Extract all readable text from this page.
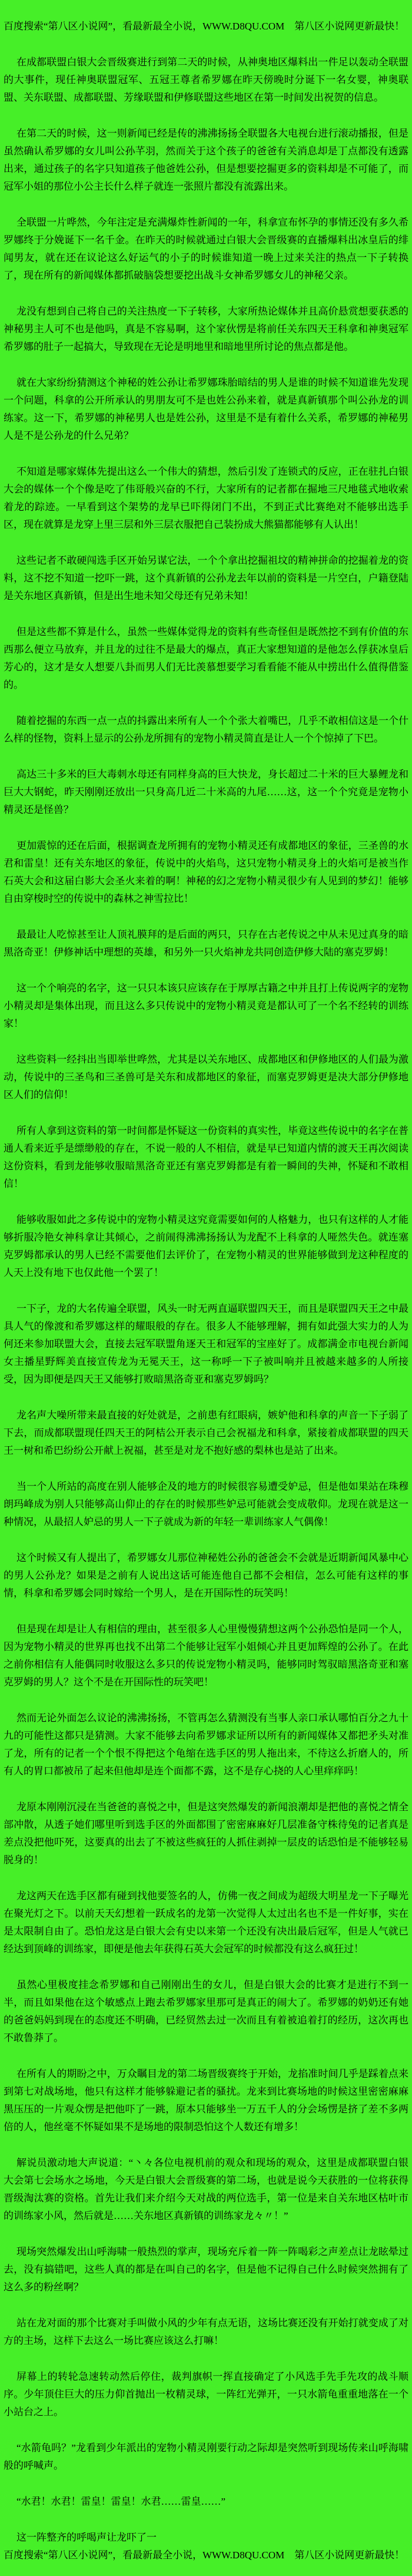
百度搜索“第八区小说网”，看最新最全小说，WWW.D8QU.COM　第八区小说网更新最快！

在成都联盟白银大会晋级赛进行到第二天的时候，从神奥地区爆料出一件足以轰动全联盟的大事件，现任神奥联盟冠军、五冠王尊者希罗娜在昨天傍晚时分诞下一名女婴，神奥联盟、关东联盟、成都联盟、芳缘联盟和伊修联盟这些地区在第一时间发出祝贺的信息。

在第二天的时候，这一则新闻已经是传的沸沸扬扬全联盟各大电视台进行滚动播报，但是虽然确认希罗娜的女儿叫公孙芊羽，然而关于这个孩子的爸爸有关消息却是丁点都没有透露出来，通过孩子的名字只知道孩子他爸姓公孙，但是想要挖掘更多的资料却是不可能了，而冠军小姐的那位小公主长什么样子就连一张照片都没有流露出来。

全联盟一片哗然，今年注定是充满爆炸性新闻的一年，科拿宣布怀孕的事情还没有多久希罗娜终于分娩诞下一名千金。在昨天的时候就通过白银大会晋级赛的直播爆料出冰皇后的绯闻男友，就在还在议论这么好运气的小子的时候谁知道一晚上过来关注的热点一下子转换了，现在所有的新闻媒体都抓破脑袋想要挖出战斗女神希罗娜女儿的神秘父亲。

龙没有想到自己将自己的关注热度一下子转移，大家所热论媒体并且高价悬赏想要获悉的神秘男主人可不也是他吗，真是不容易啊，这个家伙愣是将前任关东四天王科拿和神奥冠军希罗娜的肚子一起搞大，导致现在无论是明地里和暗地里所讨论的焦点都是他。

就在大家纷纷猜测这个神秘的姓公孙让希罗娜珠胎暗结的男人是谁的时候不知道谁先发现一个问题，科拿的公开所承认的男朋友可不是也姓公孙来着，就是真新镇那个叫公孙龙的训练家。这一下，希罗娜的神秘男人也是姓公孙，这里是不是有着什么关系，希罗娜的神秘男人是不是公孙龙的什么兄弟？

不知道是哪家媒体先提出这么一个伟大的猜想，然后引发了连锁式的反应，正在驻扎白银大会的媒体一个个像是吃了伟哥般兴奋的不行，大家所有的记者都在掘地三尺地毯式地收索着龙的踪迹。一早看到这个架势的龙早已吓得闭门不出，不到正式比赛绝对不能够出选手区，现在就算是龙穿上里三层和外三层衣服把自己装扮成大熊猫都能够有人认出！

这些记者不敢硬闯选手区开始另谋它法，一个个拿出挖掘祖坟的精神拼命的挖掘着龙的资料，这不挖不知道一挖吓一跳，这个真新镇的公孙龙去年以前的资料是一片空白，户籍登陆是关东地区真新镇，但是出生地未知父母还有兄弟未知！

但是这些都不算是什么，虽然一些媒体觉得龙的资料有些奇怪但是既然挖不到有价值的东西那么便立马放弃，并且龙的过往不是最大的爆点，真正大家想知道的是他怎么俘获冰皇后芳心的，这才是女人想要八卦而男人们无比羡慕想要学习看看能不能从中捞出什么值得借鉴的。

随着挖掘的东西一点一点的抖露出来所有人一个个张大着嘴巴，几乎不敢相信这是一个什么样的怪物，资料上显示的公孙龙所拥有的宠物小精灵简直是让人一个个惊掉了下巴。

高达三十多米的巨大毒刺水母还有同样身高的巨大快龙，身长超过二十米的巨大暴鲤龙和巨大大钢蛇，昨天刚刚还放出一只身高几近二十米高的九尾……这，这一个个究竟是宠物小精灵还是怪兽？

更加震惊的还在后面，根据调查龙所拥有的宠物小精灵还有成都地区的象征，三圣兽的水君和雷皇！还有关东地区的象征，传说中的火焰鸟，这只宠物小精灵身上的火焰可是被当作石英大会和这届白影大会圣火来着的啊！神秘的幻之宠物小精灵很少有人见到的梦幻！能够自由穿梭时空的传说中的森林之神雪拉比！

最最让人吃惊甚至让人顶礼膜拜的是后面的两只，只存在古老传说之中从未见过真身的暗黑洛奇亚！伊修神话中理想的英雄，和另外一只火焰神龙共同创造伊修大陆的塞克罗姆！

这一个个响亮的名字，这一只只本该只应该存在于厚厚古籍之中并且打上传说两字的宠物小精灵却是集体出现，而且这么多只传说中的宠物小精灵竟是都认可了一个名不经转的训练家！

这些资料一经抖出当即举世哗然，尤其是以关东地区、成都地区和伊修地区的人们最为激动，传说中的三圣鸟和三圣兽可是关东和成都地区的象征，而塞克罗姆更是决大部分伊修地区人们的信仰！

所有人拿到这资料的第一时间都是怀疑这一份资料的真实性，毕竟这些传说中的名字在普通人看来近乎是缥缈般的存在，不说一般的人不相信，就是早已知道内情的渡天王再次阅读这份资料，看到龙能够收服暗黑洛奇亚还有塞克罗姆都是有着一瞬间的失神，怀疑和不敢相信！

能够收服如此之多传说中的宠物小精灵这究竟需要如何的人格魅力，也只有这样的人才能够折服冷艳女神科拿让其倾心，之前闹得沸沸扬扬认为龙配不上科拿的人哑然失色。就连塞克罗姆都承认的男人已经不需要他们去评价了，在宠物小精灵的世界能够做到龙这种程度的人天上没有地下也仅此他一个罢了！

一下子，龙的大名传遍全联盟，风头一时无两直逼联盟四天王，而且是联盟四天王之中最具人气的像渡和希罗娜这样的耀眼般的存在。很多人不能够理解，拥有如此强大实力的人为何还来参加联盟大会，直接去冠军联盟角逐天王和冠军的宝座好了。成都满金市电视台新闻女主播星野辉美直接宣传龙为无冕天王，这一称呼一下子被叫响并且被越来越多的人所接受，因为即便是四天王又能够打败暗黑洛奇亚和塞克罗姆吗？

龙名声大噪所带来最直接的好处就是，之前患有红眼病，嫉妒他和科拿的声音一下子弱了下去，而成都联盟现任四天王的阿桔公开表示自己会祝福龙和科拿，紧接着成都联盟的四天王一树和希巴纷纷公开献上祝福，甚至是对龙不抱好感的梨林也是站了出来。

当一个人所站的高度在别人能够企及的地方的时候很容易遭受妒忌，但是他如果站在珠穆朗玛峰成为别人只能够高山仰止的存在的时候那些妒忌可能就会变成敬仰。龙现在就是这一种情况，从最招人妒忌的男人一下子就成为新的年轻一辈训练家人气偶像！

这个时候又有人提出了，希罗娜女儿那位神秘姓公孙的爸爸会不会就是近期新闻风暴中心的男人公孙龙？如果是之前有人说出这话可能连他自己都不会相信，怎么可能有这样的事情，科拿和希罗娜会同时嫁给一个男人，是在开国际性的玩笑吗！

但是现在却是让人有相信的理由，甚至很多人心里慢慢猜想这两个公孙恐怕是同一个人，因为宠物小精灵的世界再也找不出第二个能够让冠军小姐倾心并且更加辉煌的公孙了。在此之前你相信有人能偶同时收服这么多只的传说宠物小精灵吗，能够同时驾驭暗黑洛奇亚和塞克罗姆的男人？这个不是在开国际性的玩笑吧！

然而无论外面怎么议论的沸沸扬扬，不管再怎么猜测没有当事人亲口承认哪怕百分之九十九的可能性这都只是猜测。大家不能够去向希罗娜求证所以所有的新闻媒体又都把矛头对准了龙，所有的记者一个个恨不得把这个龟缩在选手区的男人拖出来，不待这么折磨人的，所有人的胃口都被吊了起来但他却是连个面都不露，这不是存心挠的人心里痒痒吗！

龙原本刚刚沉浸在当爸爸的喜悦之中，但是这突然爆发的新闻浪潮却是把他的喜悦之情全部冲散，从透子她们哪里听到选手区的外面都围了密密麻麻好几层准备守株待兔的记者真是差点没把他吓死，这要真的出去了不被这些疯狂的人抓住剥掉一层皮的话恐怕是不能够轻易脱身的！

龙这两天在选手区都有碰到找他要签名的人，仿佛一夜之间成为超级大明星龙一下子曝光在聚光灯之下。以前天天幻想着一跃成名的龙第一次觉得人太过出名也不是一件好事，实在是太限制自由了。恐怕龙这是白银大会有史以来第一个还没有决出最后冠军，但是人气就已经达到顶峰的训练家，即便是他去年获得石英大会冠军的时候都没有这么疯狂过！

虽然心里极度挂念希罗娜和自己刚刚出生的女儿，但是白银大会的比赛才是进行不到一半，而且如果他在这个敏感点上跑去希罗娜家里那可是真正的闹大了。希罗娜的奶奶还有她的爸爸妈妈到现在的态度还不明确，已经贸然去过一次而且有着被追着打的经历，这次再也不敢鲁莽了。

在所有人的期盼之中，万众瞩目龙的第二场晋级赛终于开始，龙掐准时间几乎是踩着点来到第七对战场地，他只有这样才能够躲避记者的骚扰。龙来到比赛场地的时候这里密密麻麻黑压压的一片观众愣是把他吓了一跳，原本只能够坐一万五千人的分会场愣是挤了差不多两倍的人，他丝毫不怀疑如果不是场地的限制恐怕这个人数还有增多！

解说员激动地大声说道：“丶々各位电视机前的观众和现场的观众，这里是成都联盟白银大会第七会场水之场地，今天是白银大会晋级赛的第二场，也就是说今天获胜的一位将获得晋级淘汰赛的资格。首先让我们来介绍今天对战的两位选手，第一位是来自关东地区枯叶市的训练家小风，然后就是……关东地区真新镇的训练家龙々〃！”

现场突然爆发出山呼海啸一般热烈的掌声，现场充斥着一阵一阵喝彩之声差点让龙眩晕过去，没有搞错吧，这些人真的都是在叫自己的名字，但是他不记得自己什么时候突然拥有了这么多的粉丝啊？

站在龙对面的那个比赛对手叫做小风的少年有点无语，这场比赛还没有开始打就变成了对方的主场，这样下去这么一场比赛应该这么打嘛！

屏幕上的转轮急速转动然后停住，裁判旗帜一挥直接确定了小风选手先手先攻的战斗顺序。少年顶住巨大的压力仰首抛出一枚精灵球，一阵红光弹开，一只水箭龟重重地落在一个小站台之上。

“水箭龟吗？”龙看到少年派出的宠物小精灵刚要行动之际却是突然听到现场传来山呼海啸般的呼喊声。

“水君！水君！雷皇！雷皇！水君……雷皇……”

这一阵整齐的呼喝声让龙吓了一

百度搜索“第八区小说网”，看最新最全小说，WWW.D8QU.COM　第八区小说网更新最快！
